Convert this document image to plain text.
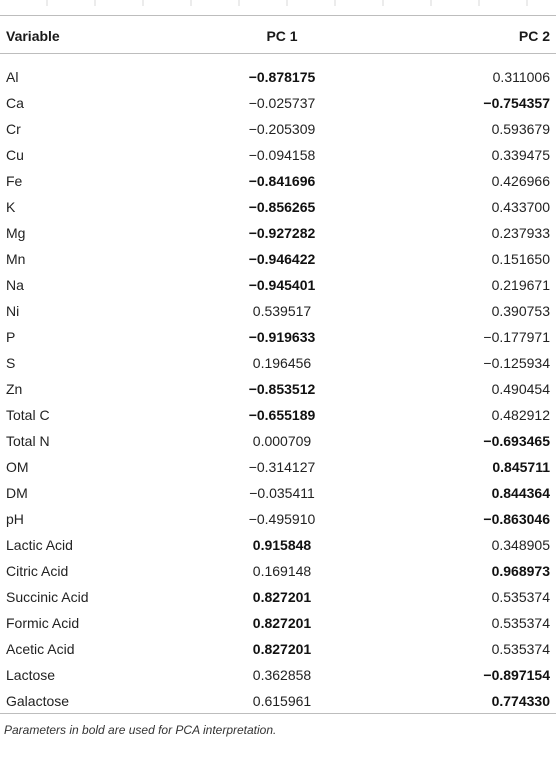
Variable	PC 1	PC 2
Al	−0.878175	0.311006
Ca	−0.025737	−0.754357
Cr	−0.205309	0.593679
Cu	−0.094158	0.339475
Fe	−0.841696	0.426966
K	−0.856265	0.433700
Mg	−0.927282	0.237933
Mn	−0.946422	0.151650
Na	−0.945401	0.219671
Ni	0.539517	0.390753
P	−0.919633	−0.177971
S	0.196456	−0.125934
Zn	−0.853512	0.490454
Total C	−0.655189	0.482912
Total N	0.000709	−0.693465
OM	−0.314127	0.845711
DM	−0.035411	0.844364
pH	−0.495910	−0.863046
Lactic Acid	0.915848	0.348905
Citric Acid	0.169148	0.968973
Succinic Acid	0.827201	0.535374
Formic Acid	0.827201	0.535374
Acetic Acid	0.827201	0.535374
Lactose	0.362858	−0.897154
Galactose	0.615961	0.774330
Parameters in bold are used for PCA interpretation.
